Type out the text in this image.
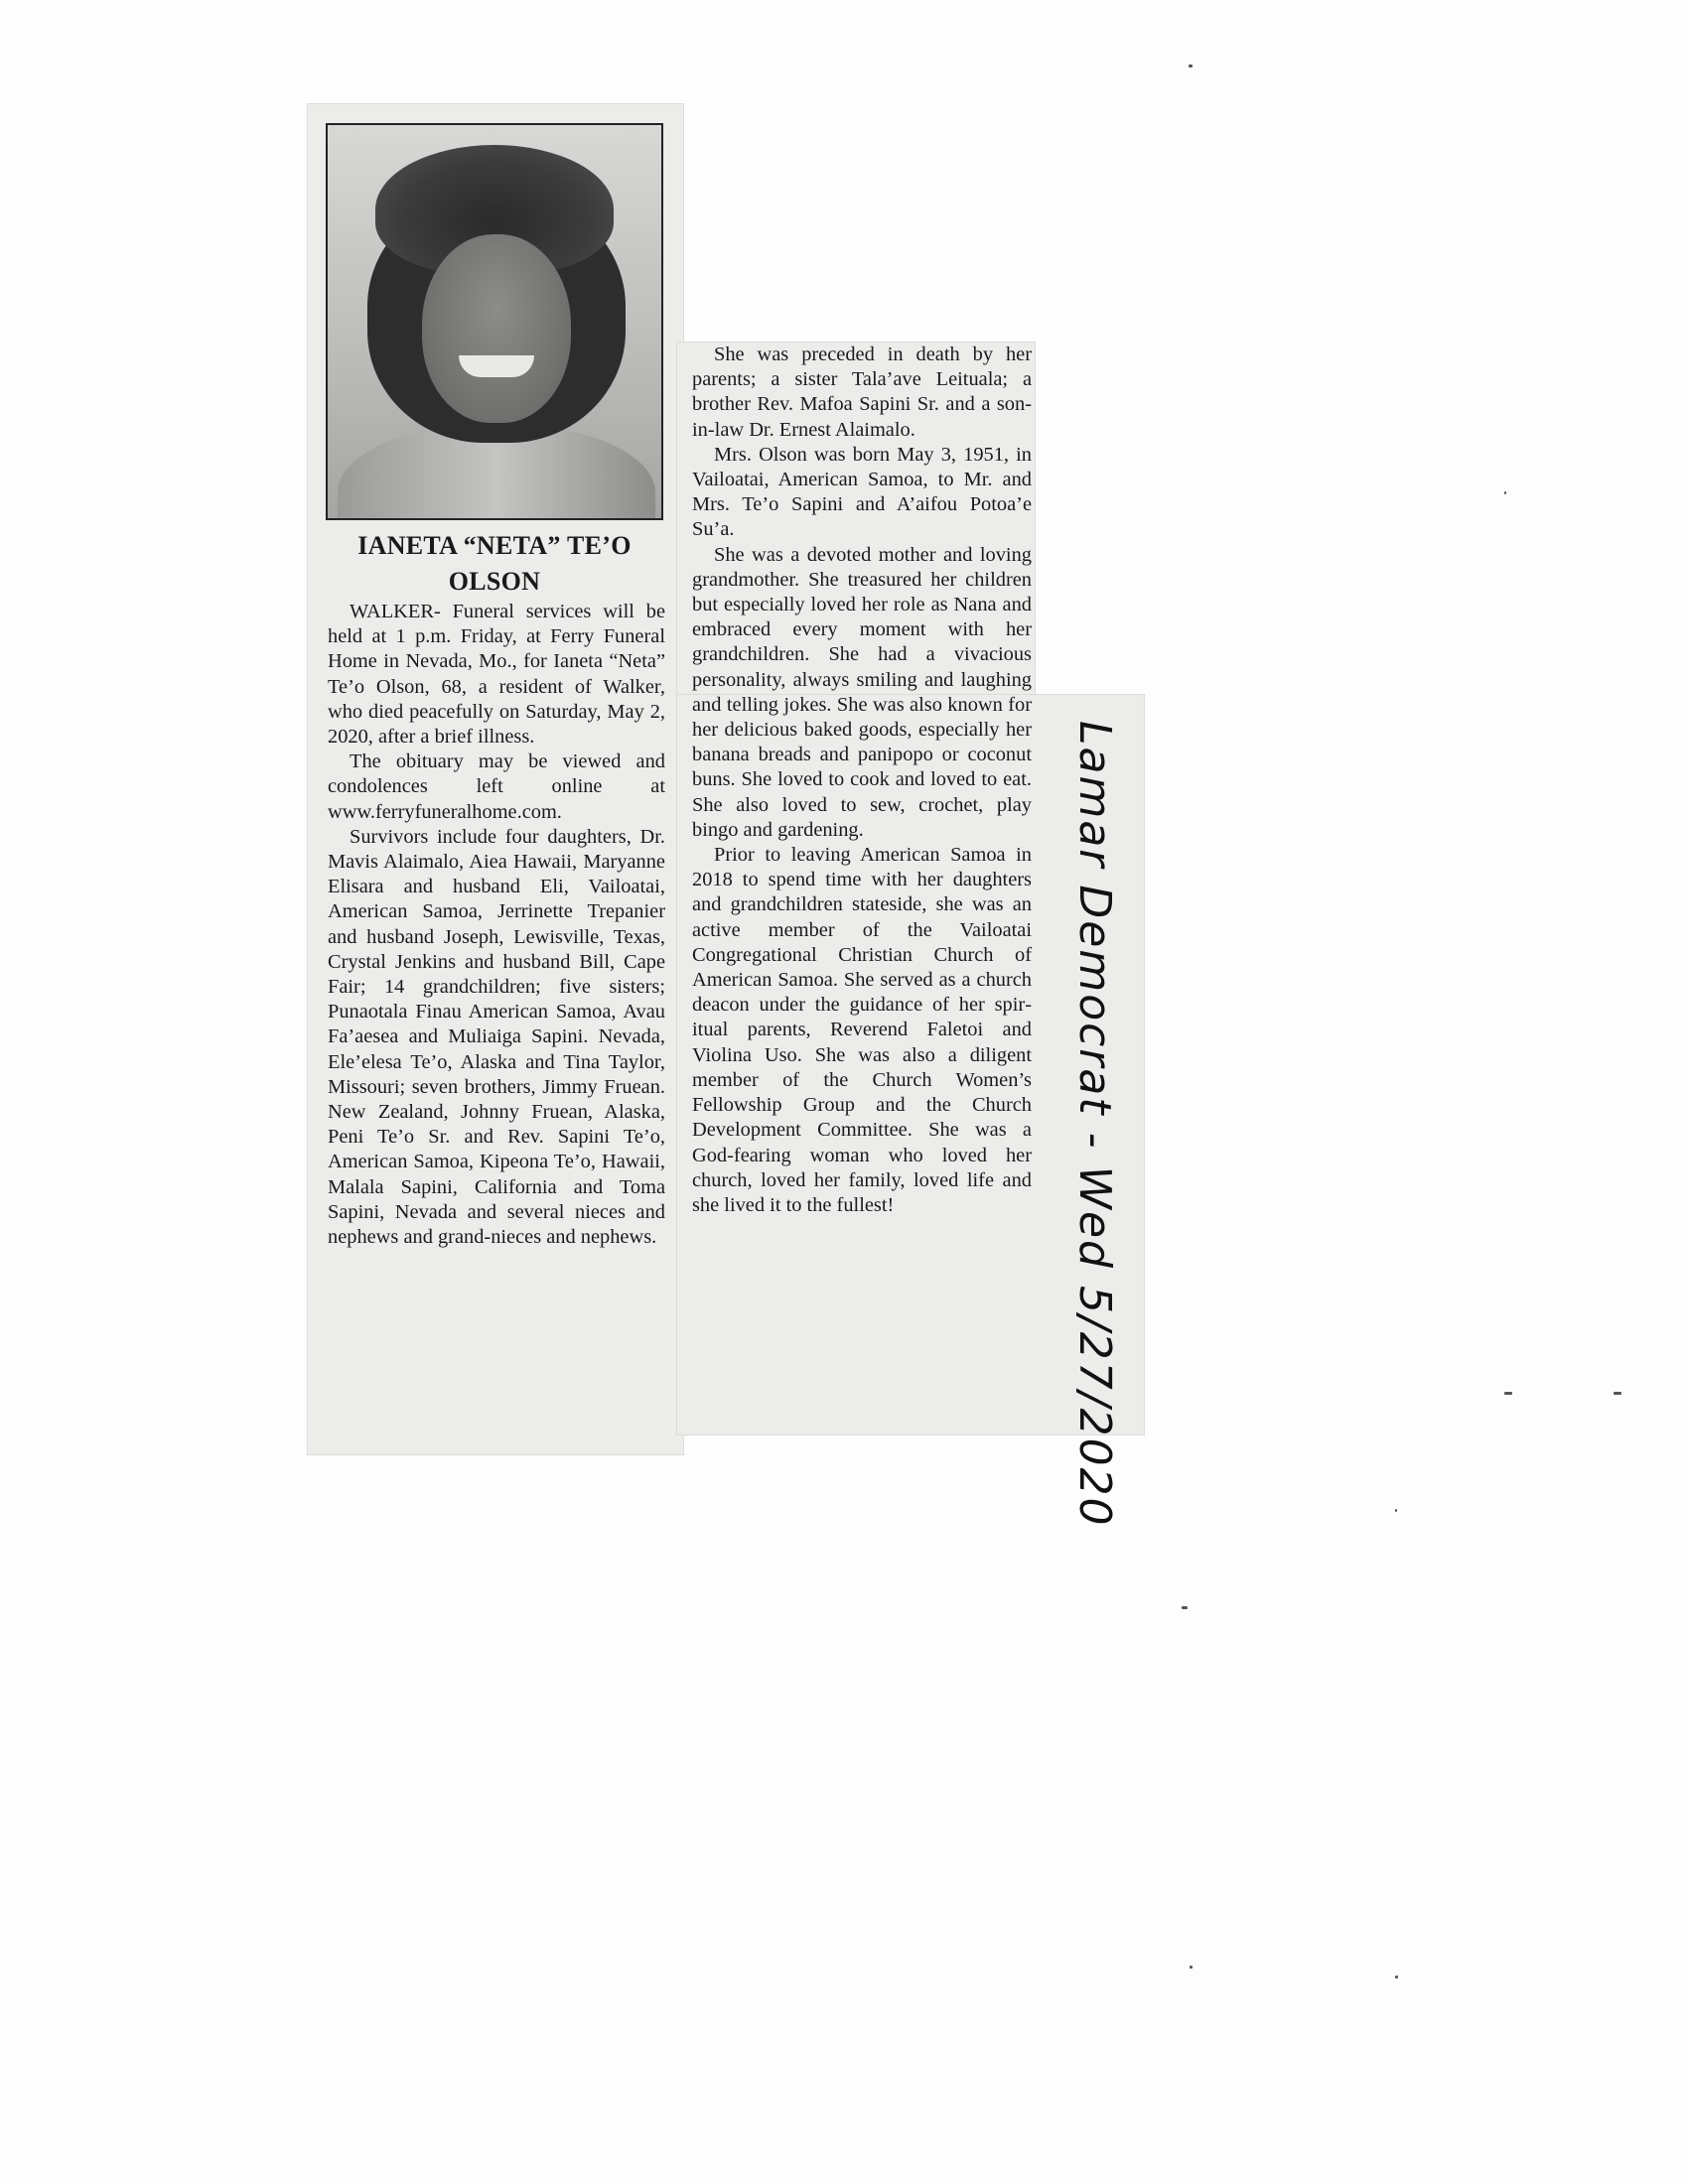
IANETA “NETA” TE’O
OLSON

WALKER- Funeral services will be held at 1 p.m. Friday, at Ferry Funeral Home in Nevada, Mo., for Ianeta “Neta” Te’o Olson, 68, a resident of Walker, who died peacefully on Saturday, May 2, 2020, after a brief illness.

The obituary may be viewed and condolences left online at www.ferryfuneralhome.com.

Survivors include four daughters, Dr. Mavis Alaimalo, Aiea Hawaii, Maryanne Elisara and husband Eli, Vailoatai, American Samoa, Jerrinette Trepanier and husband Joseph, Lewisville, Texas, Crystal Jenkins and husband Bill, Cape Fair; 14 grandchildren; five sisters; Punaotala Finau American Samoa, Avau Fa’aesea and Muliaiga Sapini. Nevada, Ele’elesa Te’o, Alaska and Tina Taylor, Missouri; seven brothers, Jimmy Fruean. New Zealand, Johnny Fruean, Alaska, Peni Te’o Sr. and Rev. Sapini Te’o, American Samoa, Kipeona Te’o, Hawaii, Malala Sapini, California and Toma Sapini, Nevada and several nieces and nephews and grand-nieces and nephews.

She was preceded in death by her parents; a sister Tala’ave Leituala; a brother Rev. Mafoa Sapini Sr. and a son-in-law Dr. Ernest Alaimalo.

Mrs. Olson was born May 3, 1951, in Vailoatai, American Samoa, to Mr. and Mrs. Te’o Sapini and A’aifou Potoa’e Su’a.

She was a devoted mother and loving grandmother. She treasured her children but especially loved her role as Nana and embraced every moment with her grandchildren. She had a vivacious personality, always smiling and laughing and telling jokes. She was also known for her delicious baked goods, especially her banana breads and panipopo or coconut buns. She loved to cook and loved to eat. She also loved to sew, crochet, play bingo and gardening.

Prior to leaving American Samoa in 2018 to spend time with her daughters and grandchildren stateside, she was an active member of the Vailoatai Congregational Christian Church of American Samoa. She served as a church deacon under the guidance of her spiritual parents, Reverend Faletoi and Violina Uso. She was also a diligent member of the Church Women’s Fellowship Group and the Church Development Committee. She was a God-fearing woman who loved her church, loved her family, loved life and she lived it to the fullest!	Lamar Democrat - Wed 5/27/2020
